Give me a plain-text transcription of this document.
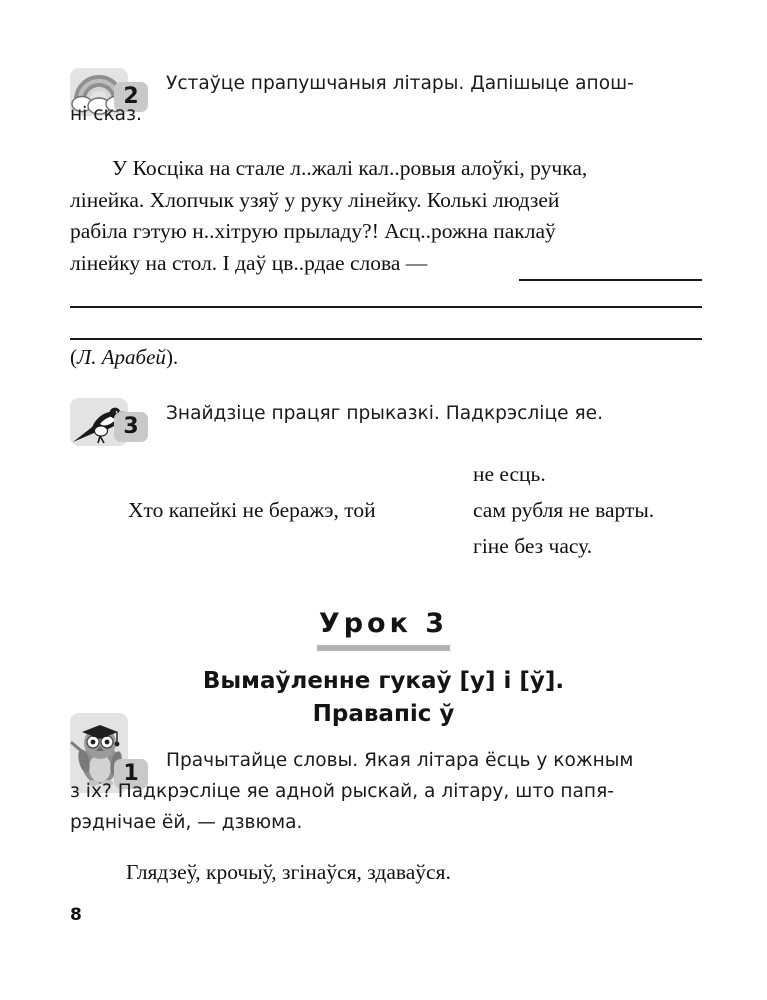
2
Устаўце прапушчаныя літары. Дапішыце апош-
ні сказ.
У Косціка на стале л..жалі кал..ровыя алоўкі, ручка,
лінейка. Хлопчык узяў у руку лінейку. Колькі людзей
рабіла гэтую н..хітрую прыладу?! Асц..рожна паклаў
лінейку на стол. І даў цв..рдае слова —
(Л. Арабей).
3
Знайдзіце працяг прыказкі. Падкрэсліце яе.
Хто капейкі не беражэ, той
не есць.
сам рубля не варты.
гіне без часу.
Урок 3
Вымаўленне гукаў [у] і [ў].
Правапіс ў
1
Прачытайце словы. Якая літара ёсць у кожным
з іх? Падкрэсліце яе адной рыскай, а літару, што папя-
рэднічае ёй, — дзвюма.
Глядзеў, крочыў, згінаўся, здаваўся.
8
